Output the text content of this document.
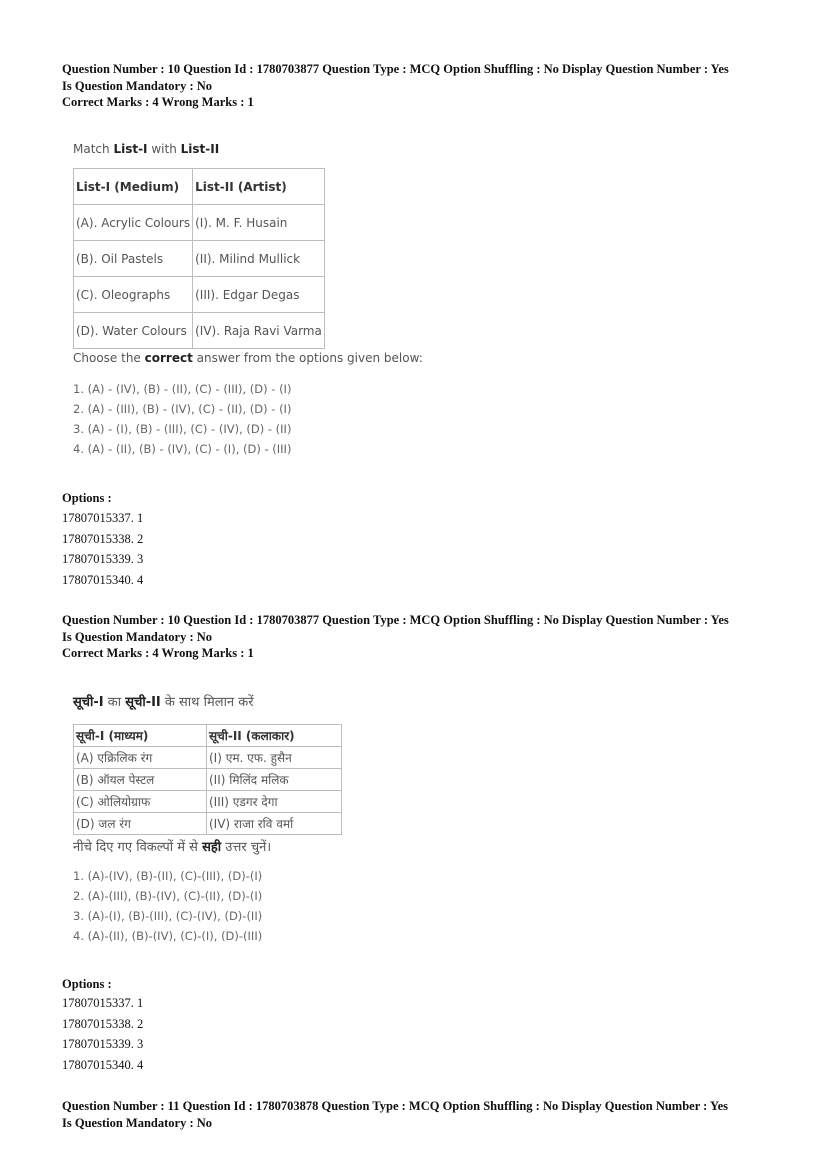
Question Number : 10 Question Id : 1780703877 Question Type : MCQ Option Shuffling : No Display Question Number : Yes
Is Question Mandatory : No
Correct Marks : 4 Wrong Marks : 1
Match List-I with List-II
List-I (Medium)	List-II (Artist)
(A). Acrylic Colours	(I). M. F. Husain
(B). Oil Pastels	(II). Milind Mullick
(C). Oleographs	(III). Edgar Degas
(D). Water Colours	(IV). Raja Ravi Varma
Choose the correct answer from the options given below:
1. (A) - (IV), (B) - (II), (C) - (III), (D) - (I)
2. (A) - (III), (B) - (IV), (C) - (II), (D) - (I)
3. (A) - (I), (B) - (III), (C) - (IV), (D) - (II)
4. (A) - (II), (B) - (IV), (C) - (I), (D) - (III)
Options :
17807015337. 1
17807015338. 2
17807015339. 3
17807015340. 4
Question Number : 10 Question Id : 1780703877 Question Type : MCQ Option Shuffling : No Display Question Number : Yes
Is Question Mandatory : No
Correct Marks : 4 Wrong Marks : 1
सूची-I का सूची-II के साथ मिलान करें
सूची-I (माध्यम)	सूची-II (कलाकार)
(A) एक्रिलिक रंग	(I) एम. एफ. हुसैन
(B) ऑयल पेस्टल	(II) मिलिंद मलिक
(C) ओलियोग्राफ	(III) एडगर देगा
(D) जल रंग	(IV) राजा रवि वर्मा
नीचे दिए गए विकल्पों में से सही उत्तर चुनें।
1. (A)-(IV), (B)-(II), (C)-(III), (D)-(I)
2. (A)-(III), (B)-(IV), (C)-(II), (D)-(I)
3. (A)-(I), (B)-(III), (C)-(IV), (D)-(II)
4. (A)-(II), (B)-(IV), (C)-(I), (D)-(III)
Options :
17807015337. 1
17807015338. 2
17807015339. 3
17807015340. 4
Question Number : 11 Question Id : 1780703878 Question Type : MCQ Option Shuffling : No Display Question Number : Yes
Is Question Mandatory : No
